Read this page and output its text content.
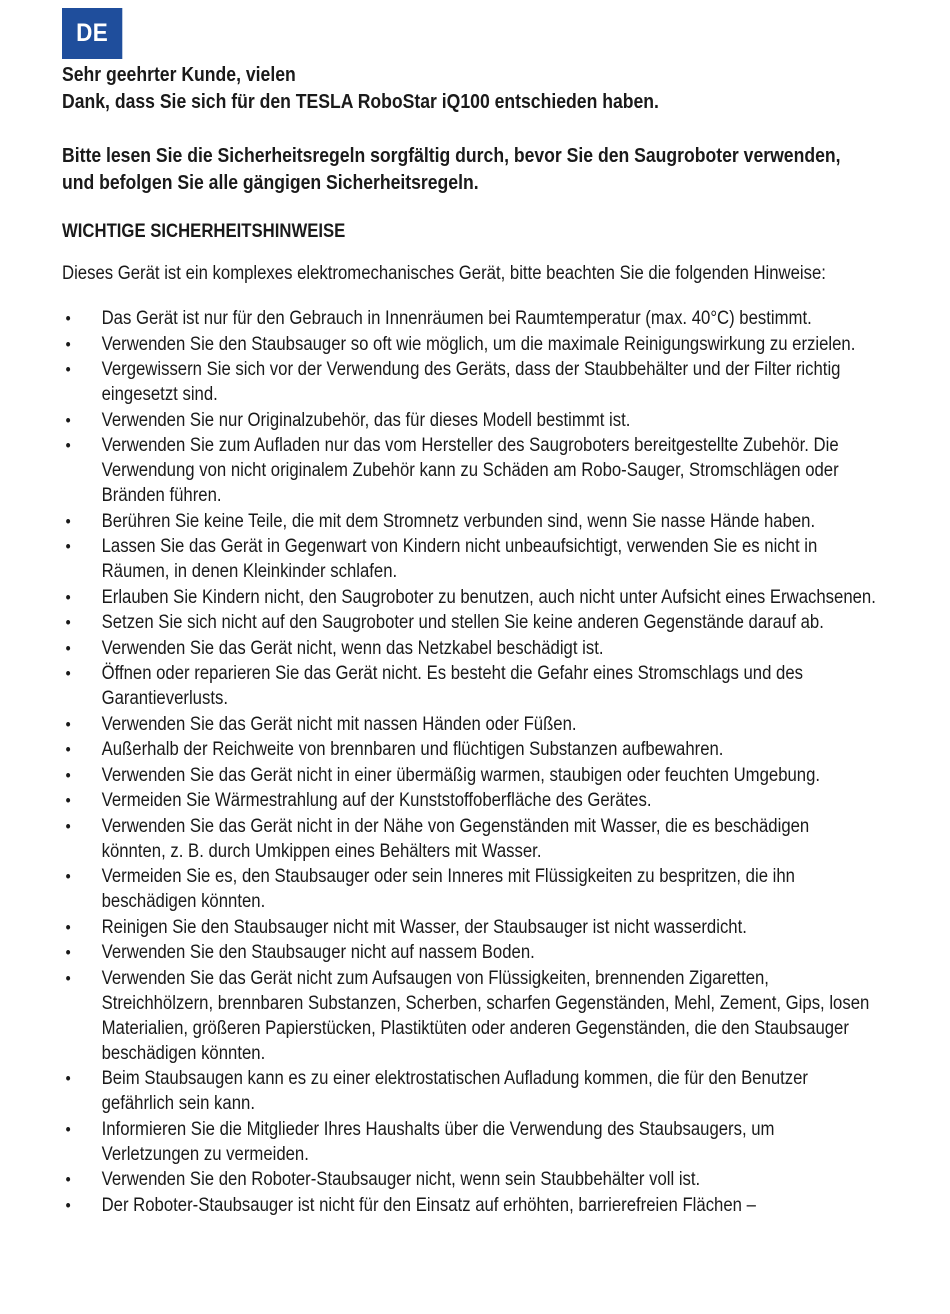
DE

Sehr geehrter Kunde, vielen

Dank, dass Sie sich für den TESLA RoboStar iQ100 entschieden haben.

Bitte lesen Sie die Sicherheitsregeln sorgfältig durch, bevor Sie den Saugroboter verwenden,

und befolgen Sie alle gängigen Sicherheitsregeln.

WICHTIGE SICHERHEITSHINWEISE

Dieses Gerät ist ein komplexes elektromechanisches Gerät, bitte beachten Sie die folgenden Hinweise:

• Das Gerät ist nur für den Gebrauch in Innenräumen bei Raumtemperatur (max. 40°C) bestimmt.
• Verwenden Sie den Staubsauger so oft wie möglich, um die maximale Reinigungswirkung zu erzielen.
• Vergewissern Sie sich vor der Verwendung des Geräts, dass der Staubbehälter und der Filter richtig eingesetzt sind.
• Verwenden Sie nur Originalzubehör, das für dieses Modell bestimmt ist.
• Verwenden Sie zum Aufladen nur das vom Hersteller des Saugroboters bereitgestellte Zubehör. Die Verwendung von nicht originalem Zubehör kann zu Schäden am Robo-Sauger, Stromschlägen oder Bränden führen.
• Berühren Sie keine Teile, die mit dem Stromnetz verbunden sind, wenn Sie nasse Hände haben.
• Lassen Sie das Gerät in Gegenwart von Kindern nicht unbeaufsichtigt, verwenden Sie es nicht in Räumen, in denen Kleinkinder schlafen.
• Erlauben Sie Kindern nicht, den Saugroboter zu benutzen, auch nicht unter Aufsicht eines Erwachsenen.
• Setzen Sie sich nicht auf den Saugroboter und stellen Sie keine anderen Gegenstände darauf ab.
• Verwenden Sie das Gerät nicht, wenn das Netzkabel beschädigt ist.
• Öffnen oder reparieren Sie das Gerät nicht. Es besteht die Gefahr eines Stromschlags und des Garantieverlusts.
• Verwenden Sie das Gerät nicht mit nassen Händen oder Füßen.
• Außerhalb der Reichweite von brennbaren und flüchtigen Substanzen aufbewahren.
• Verwenden Sie das Gerät nicht in einer übermäßig warmen, staubigen oder feuchten Umgebung.
• Vermeiden Sie Wärmestrahlung auf der Kunststoffoberfläche des Gerätes.
• Verwenden Sie das Gerät nicht in der Nähe von Gegenständen mit Wasser, die es beschädigen könnten, z. B. durch Umkippen eines Behälters mit Wasser.
• Vermeiden Sie es, den Staubsauger oder sein Inneres mit Flüssigkeiten zu bespritzen, die ihn beschädigen könnten.
• Reinigen Sie den Staubsauger nicht mit Wasser, der Staubsauger ist nicht wasserdicht.
• Verwenden Sie den Staubsauger nicht auf nassem Boden.
• Verwenden Sie das Gerät nicht zum Aufsaugen von Flüssigkeiten, brennenden Zigaretten, Streichhölzern, brennbaren Substanzen, Scherben, scharfen Gegenständen, Mehl, Zement, Gips, losen Materialien, größeren Papierstücken, Plastiktüten oder anderen Gegenständen, die den Staubsauger beschädigen könnten.
• Beim Staubsaugen kann es zu einer elektrostatischen Aufladung kommen, die für den Benutzer gefährlich sein kann.
• Informieren Sie die Mitglieder Ihres Haushalts über die Verwendung des Staubsaugers, um Verletzungen zu vermeiden.
• Verwenden Sie den Roboter-Staubsauger nicht, wenn sein Staubbehälter voll ist.
• Der Roboter-Staubsauger ist nicht für den Einsatz auf erhöhten, barrierefreien Flächen –
